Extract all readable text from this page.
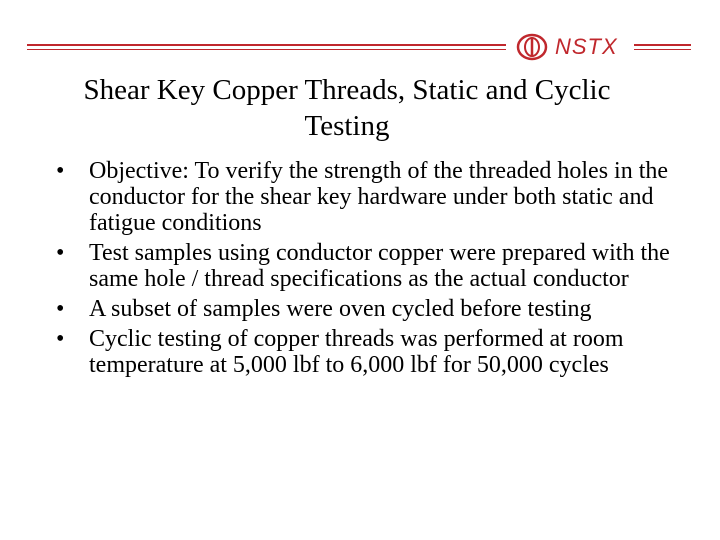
NSTX
Shear Key Copper Threads, Static and Cyclic Testing
• Objective: To verify the strength of the threaded holes in the conductor for the shear key hardware under both static and fatigue conditions
• Test samples using conductor copper were prepared with the same hole / thread specifications as the actual conductor
• A subset of samples were oven cycled before testing
• Cyclic testing of copper threads was performed at room temperature at 5,000 lbf to 6,000 lbf for 50,000 cycles
